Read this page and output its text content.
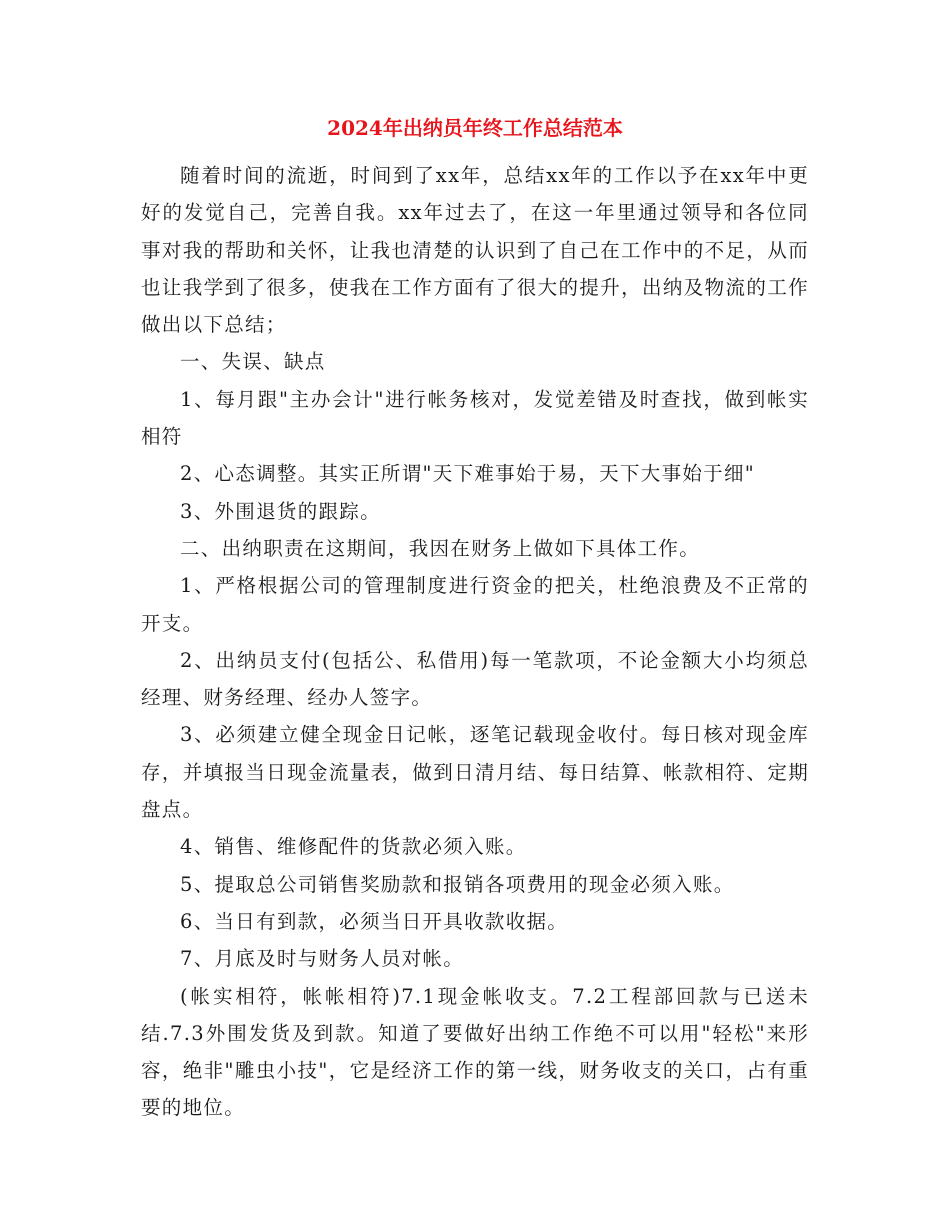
2024年出纳员年终工作总结范本

随着时间的流逝，时间到了xx年，总结xx年的工作以予在xx年中更好的发觉自己，完善自我。xx年过去了，在这一年里通过领导和各位同事对我的帮助和关怀，让我也清楚的认识到了自己在工作中的不足，从而也让我学到了很多，使我在工作方面有了很大的提升，出纳及物流的工作做出以下总结；

一、失误、缺点

1、每月跟"主办会计"进行帐务核对，发觉差错及时查找，做到帐实相符

2、心态调整。其实正所谓"天下难事始于易，天下大事始于细"

3、外围退货的跟踪。

二、出纳职责在这期间，我因在财务上做如下具体工作。

1、严格根据公司的管理制度进行资金的把关，杜绝浪费及不正常的开支。

2、出纳员支付(包括公、私借用)每一笔款项，不论金额大小均须总经理、财务经理、经办人签字。

3、必须建立健全现金日记帐，逐笔记载现金收付。每日核对现金库存，并填报当日现金流量表，做到日清月结、每日结算、帐款相符、定期盘点。

4、销售、维修配件的货款必须入账。

5、提取总公司销售奖励款和报销各项费用的现金必须入账。

6、当日有到款，必须当日开具收款收据。

7、月底及时与财务人员对帐。

(帐实相符，帐帐相符)7.1现金帐收支。7.2工程部回款与已送未结.7.3外围发货及到款。知道了要做好出纳工作绝不可以用"轻松"来形容，绝非"雕虫小技"，它是经济工作的第一线，财务收支的关口，占有重要的地位。
